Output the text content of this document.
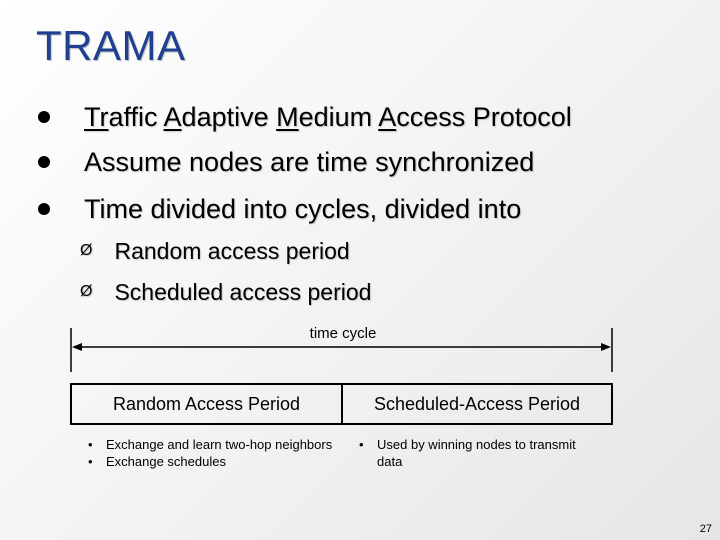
TRAMA
Traffic Adaptive Medium Access Protocol
Assume nodes are time synchronized
Time divided into cycles, divided into
Ø Random access period
Ø Scheduled access period
time cycle
Random Access Period	Scheduled-Access Period
•	Exchange and learn two-hop neighbors
•	Exchange schedules
•	Used by winning nodes to transmit data
27
